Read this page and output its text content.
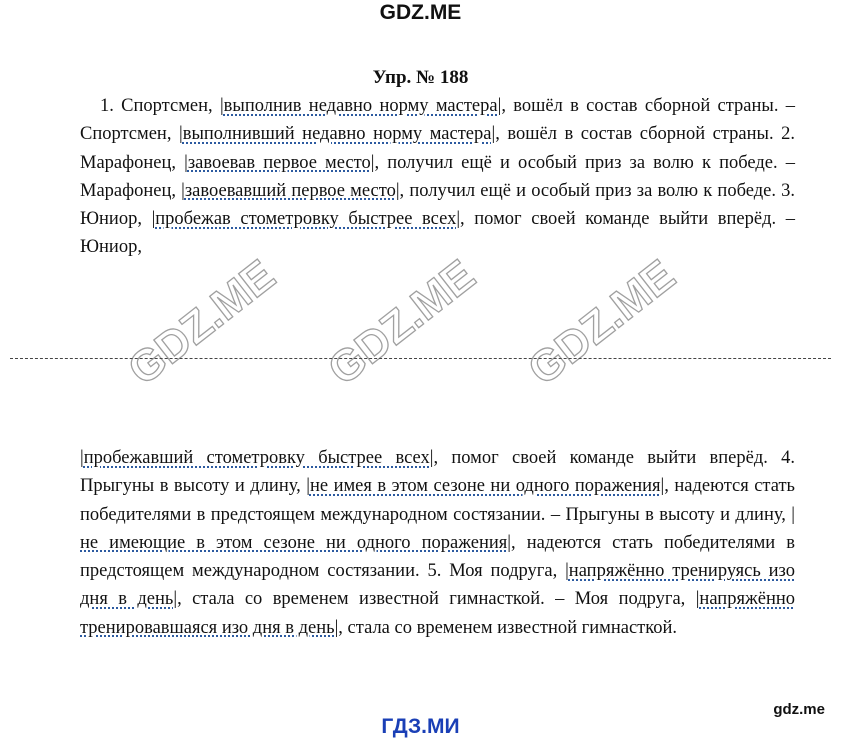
GDZ.ME
Упр. № 188
1. Спортсмен, |выполнив недавно норму мастера|, вошёл в состав сборной страны. – Спортсмен, |выполнивший недавно норму мастера|, вошёл в состав сборной страны. 2. Марафонец, |завоевав первое место|, получил ещё и особый приз за волю к победе. – Марафонец, |завоевавший первое место|, получил ещё и особый приз за волю к победе. 3. Юниор, |пробежав стометровку быстрее всех|, помог своей команде выйти вперёд. – Юниор,
GDZ.ME GDZ.ME GDZ.ME
|пробежавший стометровку быстрее всех|, помог своей команде выйти вперёд. 4. Прыгуны в высоту и длину, |не имея в этом сезоне ни одного поражения|, надеются стать победителями в предстоящем международном состязании. – Прыгуны в высоту и длину, |не имеющие в этом сезоне ни одного поражения|, надеются стать победителями в предстоящем международном состязании. 5. Моя подруга, |напряжённо тренируясь изо дня в день|, стала со временем известной гимнасткой. – Моя подруга, |напряжённо тренировавшаяся изо дня в день|, стала со временем известной гимнасткой.
gdz.me
ГДЗ.МИ
